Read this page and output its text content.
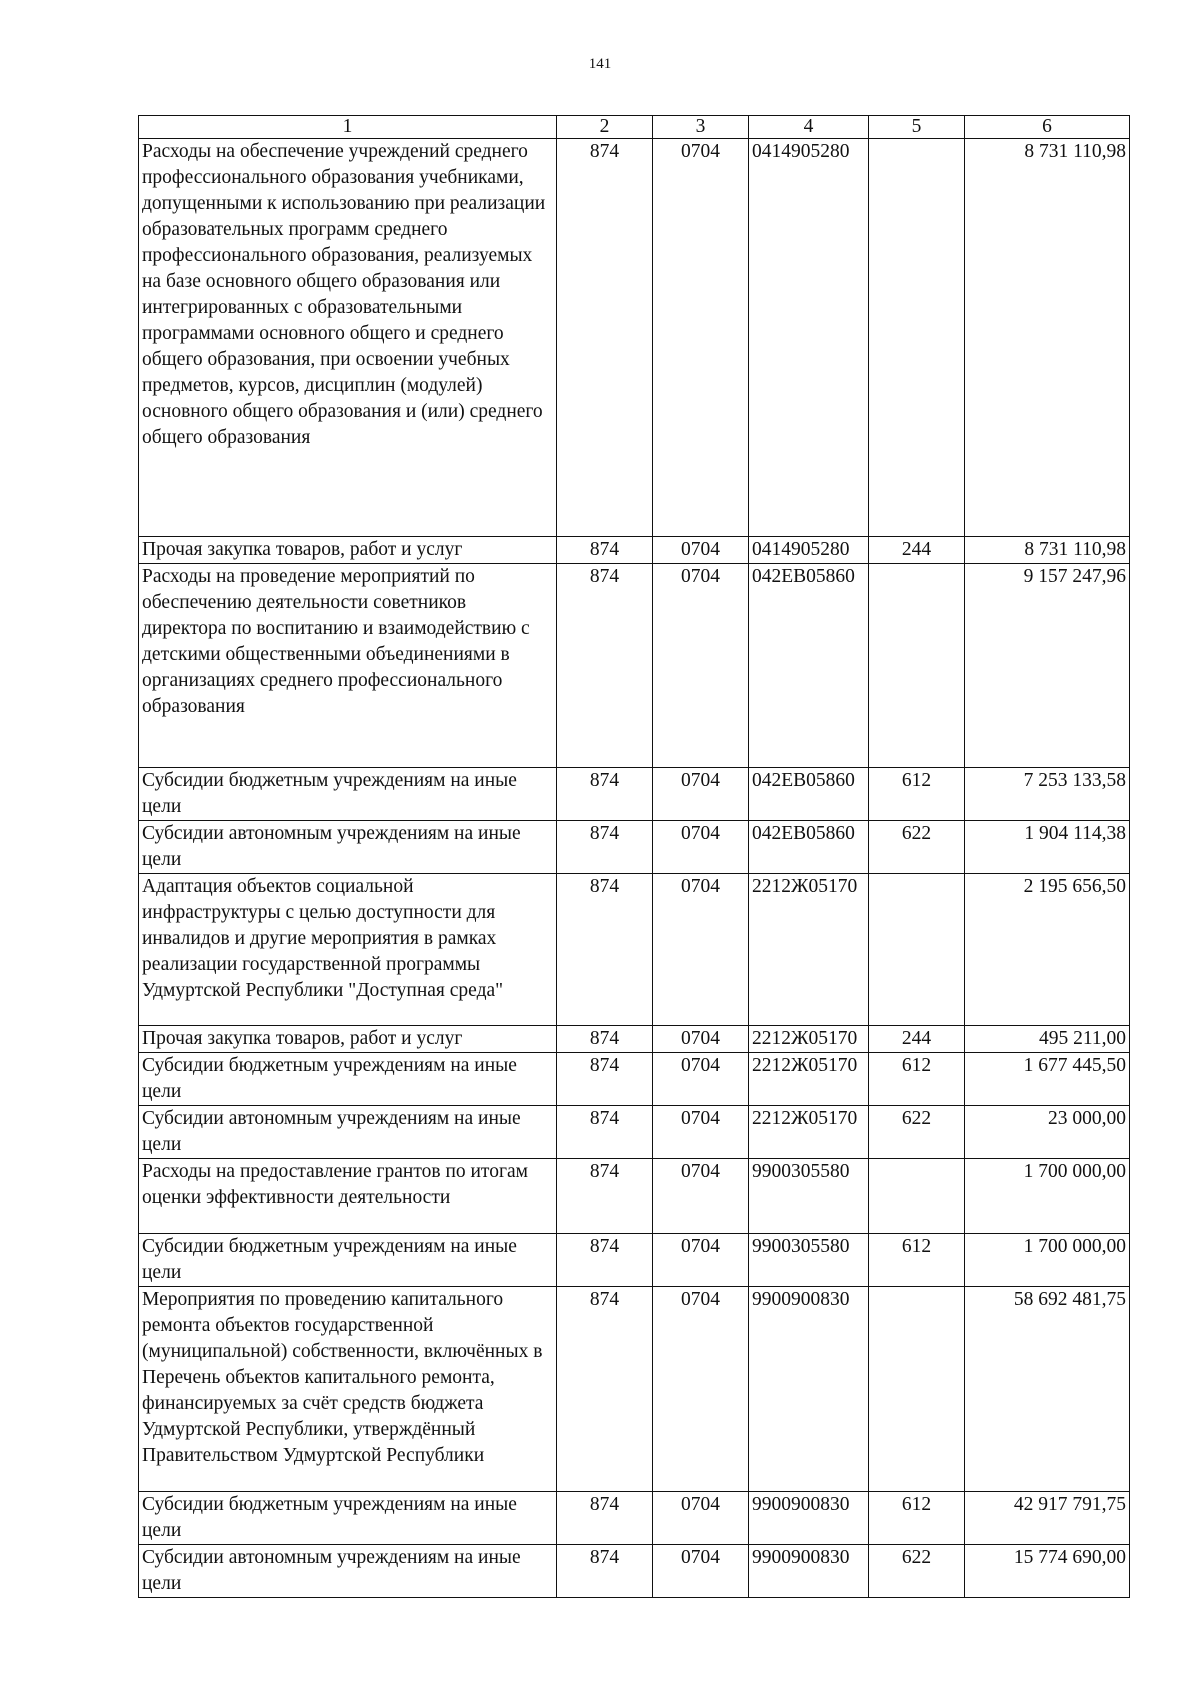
141
1	2	3	4	5	6
Расходы на обеспечение учреждений среднего профессионального образования учебниками, допущенными к использованию при реализации образовательных программ среднего профессионального образования, реализуемых на базе основного общего образования или интегрированных с образовательными программами основного общего и среднего общего образования, при освоении учебных предметов, курсов, дисциплин (модулей) основного общего образования и (или) среднего общего образования	874	0704	0414905280		8 731 110,98
Прочая закупка товаров, работ и услуг	874	0704	0414905280	244	8 731 110,98
Расходы на проведение мероприятий по обеспечению деятельности советников директора по воспитанию и взаимодействию с детскими общественными объединениями в организациях среднего профессионального образования	874	0704	042EB05860		9 157 247,96
Субсидии бюджетным учреждениям на иные цели	874	0704	042EB05860	612	7 253 133,58
Субсидии автономным учреждениям на иные цели	874	0704	042EB05860	622	1 904 114,38
Адаптация объектов социальной инфраструктуры с целью доступности для инвалидов и другие мероприятия в рамках реализации государственной программы Удмуртской Республики "Доступная среда"	874	0704	2212Ж05170		2 195 656,50
Прочая закупка товаров, работ и услуг	874	0704	2212Ж05170	244	495 211,00
Субсидии бюджетным учреждениям на иные цели	874	0704	2212Ж05170	612	1 677 445,50
Субсидии автономным учреждениям на иные цели	874	0704	2212Ж05170	622	23 000,00
Расходы на предоставление грантов по итогам оценки эффективности деятельности	874	0704	9900305580		1 700 000,00
Субсидии бюджетным учреждениям на иные цели	874	0704	9900305580	612	1 700 000,00
Мероприятия по проведению капитального ремонта объектов государственной (муниципальной) собственности, включённых в Перечень объектов капитального ремонта, финансируемых за счёт средств бюджета Удмуртской Республики, утверждённый Правительством Удмуртской Республики	874	0704	9900900830		58 692 481,75
Субсидии бюджетным учреждениям на иные цели	874	0704	9900900830	612	42 917 791,75
Субсидии автономным учреждениям на иные цели	874	0704	9900900830	622	15 774 690,00
